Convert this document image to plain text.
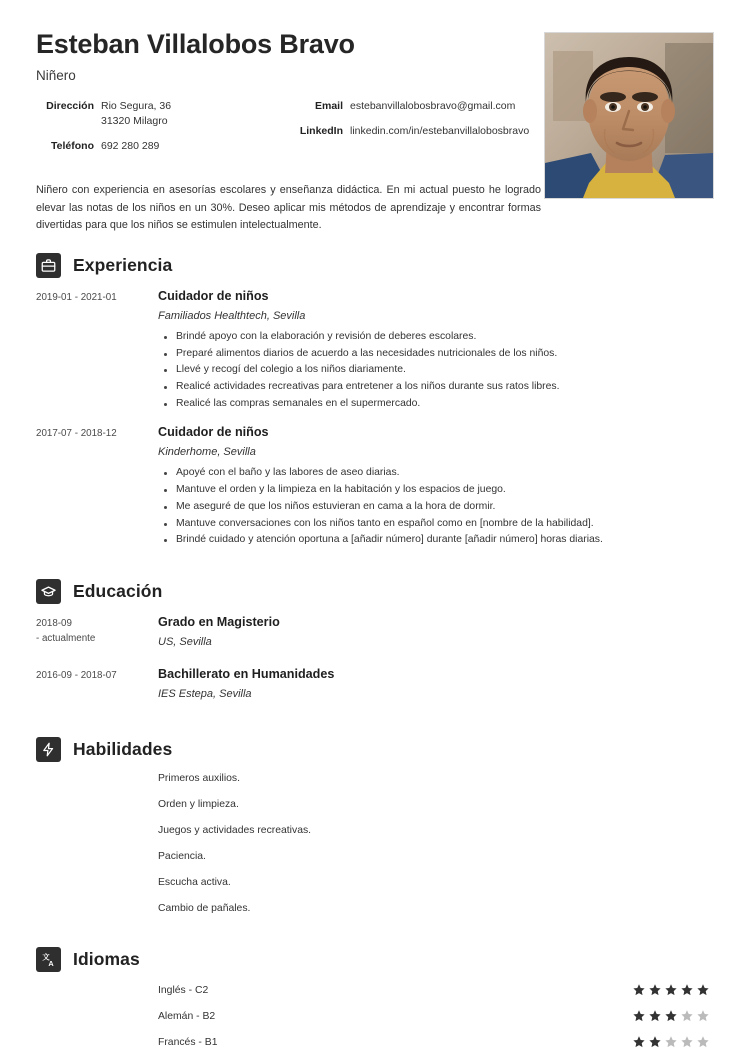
Esteban Villalobos Bravo
Niñero
Dirección Rio Segura, 36
31320 Milagro
Teléfono 692 280 289
Email estebanvillalobosbravo@gmail.com
LinkedIn linkedin.com/in/estebanvillalobosbravo
Niñero con experiencia en asesorías escolares y enseñanza didáctica. En mi actual puesto he logrado elevar las notas de los niños en un 30%. Deseo aplicar mis métodos de aprendizaje y encontrar formas divertidas para que los niños se estimulen intelectualmente.
Experiencia
2019-01 - 2021-01	Cuidador de niños
Familiados Healthtech, Sevilla
Brindé apoyo con la elaboración y revisión de deberes escolares.
Preparé alimentos diarios de acuerdo a las necesidades nutricionales de los niños.
Llevé y recogí del colegio a los niños diariamente.
Realicé actividades recreativas para entretener a los niños durante sus ratos libres.
Realicé las compras semanales en el supermercado.
2017-07 - 2018-12	Cuidador de niños
Kinderhome, Sevilla
Apoyé con el baño y las labores de aseo diarias.
Mantuve el orden y la limpieza en la habitación y los espacios de juego.
Me aseguré de que los niños estuvieran en cama a la hora de dormir.
Mantuve conversaciones con los niños tanto en español como en [nombre de la habilidad].
Brindé cuidado y atención oportuna a [añadir número] durante [añadir número] horas diarias.
Educación
2018-09
- actualmente
Grado en Magisterio
US, Sevilla
2016-09 - 2018-07	Bachillerato en Humanidades
IES Estepa, Sevilla
Habilidades
Primeros auxilios.
Orden y limpieza.
Juegos y actividades recreativas.
Paciencia.
Escucha activa.
Cambio de pañales.
文
A Idiomas
Inglés - C2
Alemán - B2
Francés - B1
